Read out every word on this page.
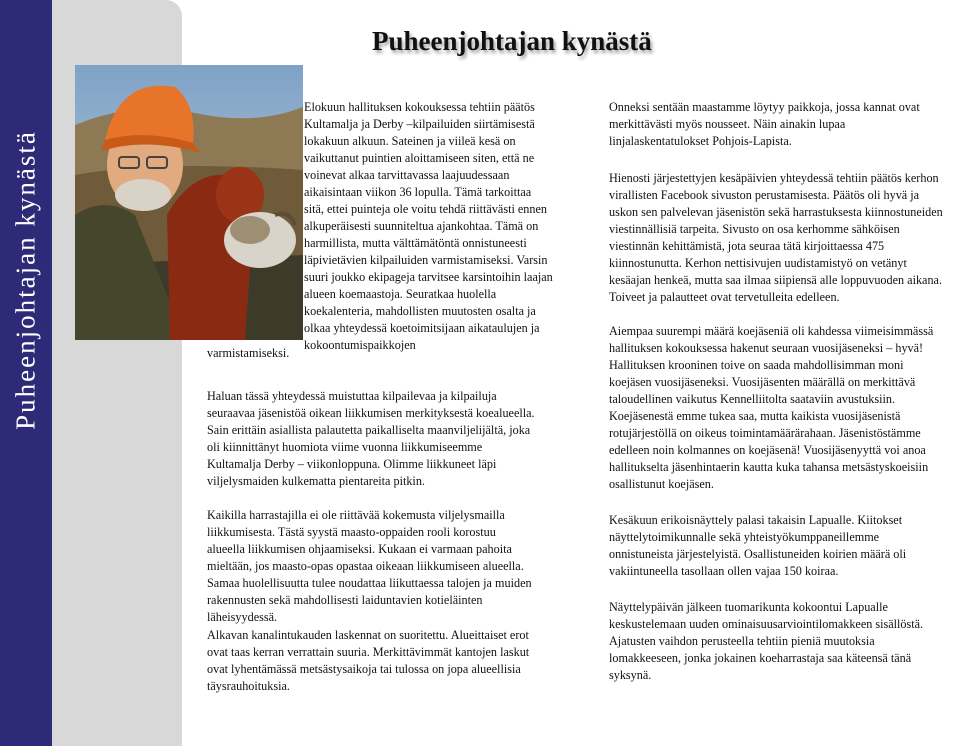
Puheenjohtajan kynästä
Puheenjohtajan kynästä

Elokuun hallituksen kokouksessa tehtiin päätös Kultamalja ja Derby –kilpailuiden siirtämisestä lokakuun alkuun. Sateinen ja viileä kesä on vaikuttanut puintien aloittamiseen siten, että ne voinevat alkaa tarvittavassa laajuudessaan aikaisintaan viikon 36 lopulla. Tämä tarkoittaa sitä, ettei puinteja ole voitu tehdä riittävästi ennen alkuperäisesti suunniteltua ajankohtaa. Tämä on harmillista, mutta välttämätöntä onnistuneesti läpivietävien kilpailuiden varmistamiseksi. Varsin suuri joukko ekipageja tarvitsee karsintoihin laajan alueen koemaastoja. Seuratkaa huolella koekalenteria, mahdollisten muutosten osalta ja olkaa yhteydessä koetoimitsijaan aikataulujen ja kokoontumispaikkojen

varmistamiseksi.

Haluan tässä yhteydessä muistuttaa kilpailevaa ja kilpailuja seuraavaa jäsenistöä oikean liikkumisen merkityksestä koealueella. Sain erittäin asiallista palautetta paikalliselta maanviljelijältä, joka oli kiinnittänyt huomiota viime vuonna liikkumiseemme Kultamalja Derby – viikonloppuna. Olimme liikkuneet läpi viljelysmaiden kulkematta pientareita pitkin.

Kaikilla harrastajilla ei ole riittävää kokemusta viljelysmailla liikkumisesta. Tästä syystä maasto-oppaiden rooli korostuu alueella liikkumisen ohjaamiseksi. Kukaan ei varmaan pahoita mieltään, jos maasto-opas opastaa oikeaan liikkumiseen alueella. Samaa huolellisuutta tulee noudattaa liikuttaessa talojen ja muiden rakennusten sekä mahdollisesti laiduntavien kotieläinten läheisyydessä.

Alkavan kanalintukauden laskennat on suoritettu. Alueittaiset erot ovat taas kerran verrattain suuria. Merkittävimmät kantojen laskut ovat lyhentämässä metsästysaikoja tai tulossa on jopa alueellisia täysrauhoituksia.

Onneksi sentään maastamme löytyy paikkoja, jossa kannat ovat merkittävästi myös nousseet. Näin ainakin lupaa linjalaskentatulokset Pohjois-Lapista.

Hienosti järjestettyjen kesäpäivien yhteydessä tehtiin päätös kerhon virallisten Facebook sivuston perustamisesta. Päätös oli hyvä ja uskon sen palvelevan jäsenistön sekä harrastuksesta kiinnostuneiden viestinnällisiä tarpeita. Sivusto on osa kerhomme sähköisen viestinnän kehittämistä, jota seuraa tätä kirjoittaessa 475 kiinnostunutta. Kerhon nettisivujen uudistamistyö on vetänyt kesäajan henkeä, mutta saa ilmaa siipiensä alle loppuvuoden aikana. Toiveet ja palautteet ovat tervetulleita edelleen.

Aiempaa suurempi määrä koejäseniä oli kahdessa viimeisimmässä hallituksen kokouksessa hakenut seuraan vuosijäseneksi – hyvä! Hallituksen krooninen toive on saada mahdollisimman moni koejäsen vuosijäseneksi. Vuosijäsenten määrällä on merkittävä taloudellinen vaikutus Kennelliitolta saataviin avustuksiin. Koejäsenestä emme tukea saa, mutta kaikista vuosijäsenistä rotujärjestöllä on oikeus toimintamäärärahaan. Jäsenistöstämme edelleen noin kolmannes on koejäsenä! Vuosijäsenyyttä voi anoa hallitukselta jäsenhintaerin kautta kuka tahansa metsästyskoeisiin osallistunut koejäsen.

Kesäkuun erikoisnäyttely palasi takaisin Lapualle. Kiitokset näyttelytoimikunnalle sekä yhteistyökumppaneillemme onnistuneista järjestelyistä. Osallistuneiden koirien määrä oli vakiintuneella tasollaan ollen vajaa 150 koiraa.

Näyttelypäivän jälkeen tuomarikunta kokoontui Lapualle keskustelemaan uuden ominaisuusarviointilomakkeen sisällöstä. Ajatusten vaihdon perusteella tehtiin pieniä muutoksia lomakkeeseen, jonka jokainen koeharrastaja saa käteensä tänä syksynä.
